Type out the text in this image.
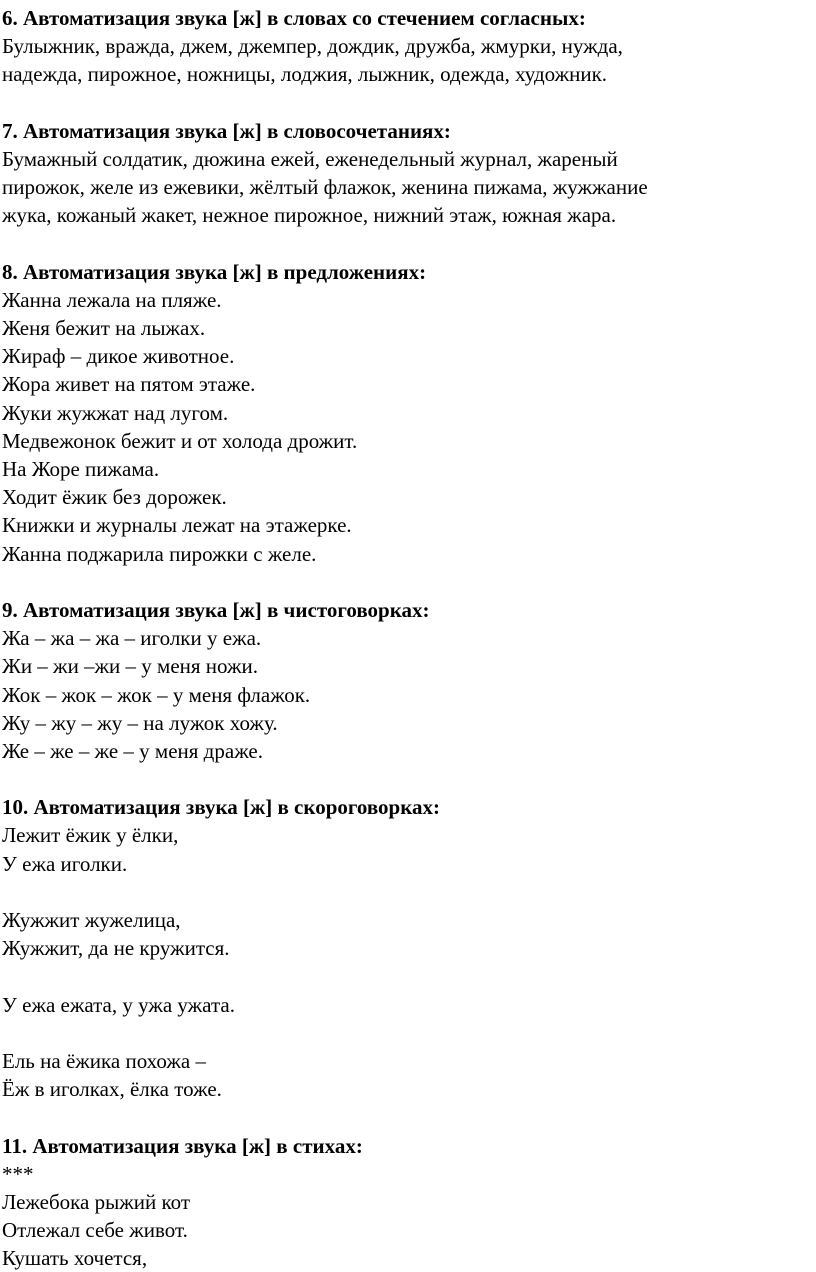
6. Автоматизация звука [ж] в словах со стечением согласных:
Булыжник, вражда, джем, джемпер, дождик, дружба, жмурки, нужда,
надежда, пирожное, ножницы, лоджия, лыжник, одежда, художник.
7. Автоматизация звука [ж] в словосочетаниях:
Бумажный солдатик, дюжина ежей, еженедельный журнал, жареный
пирожок, желе из ежевики, жёлтый флажок, женина пижама, жужжание
жука, кожаный жакет, нежное пирожное, нижний этаж, южная жара.
8. Автоматизация звука [ж] в предложениях:
Жанна лежала на пляже.
Женя бежит на лыжах.
Жираф – дикое животное.
Жора живет на пятом этаже.
Жуки жужжат над лугом.
Медвежонок бежит и от холода дрожит.
На Жоре пижама.
Ходит ёжик без дорожек.
Книжки и журналы лежат на этажерке.
Жанна поджарила пирожки с желе.
9. Автоматизация звука [ж] в чистоговорках:
Жа – жа – жа – иголки у ежа.
Жи – жи –жи – у меня ножи.
Жок – жок – жок – у меня флажок.
Жу – жу – жу – на лужок хожу.
Же – же – же – у меня драже.
10. Автоматизация звука [ж] в скороговорках:
Лежит ёжик у ёлки,
У ежа иголки.
Жужжит жужелица,
Жужжит, да не кружится.
У ежа ежата, у ужа ужата.
Ель на ёжика похожа –
Ёж в иголках, ёлка тоже.
11. Автоматизация звука [ж] в стихах:
***
Лежебока рыжий кот
Отлежал себе живот.
Кушать хочется,
